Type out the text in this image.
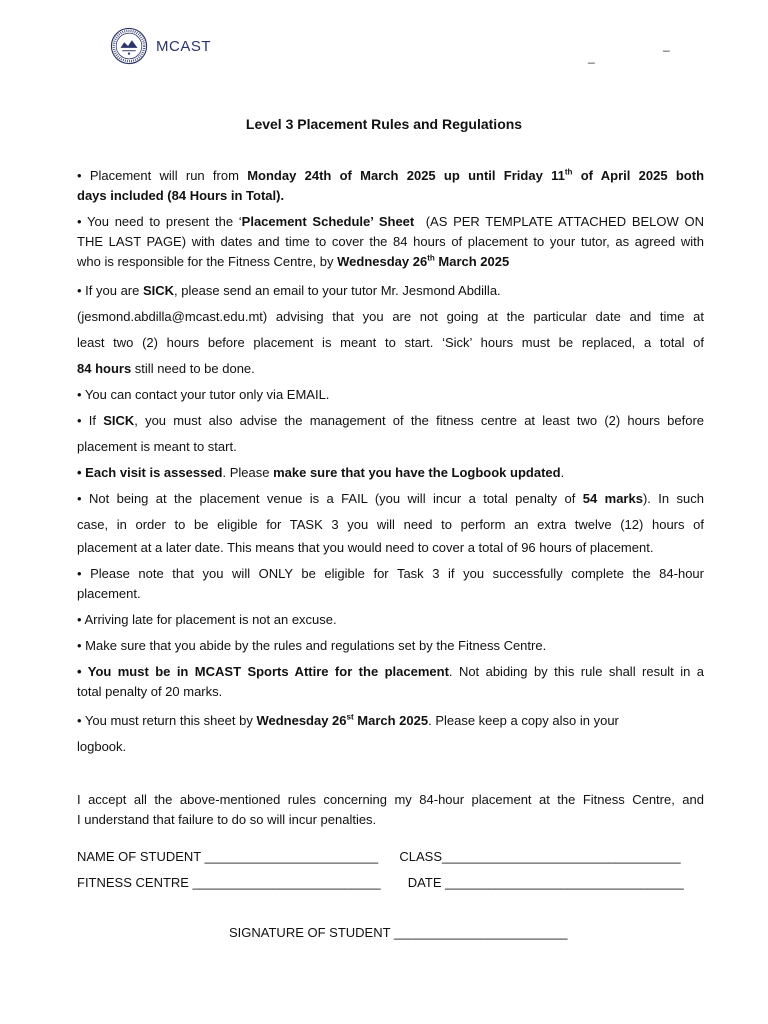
MCAST
_
_
Level 3 Placement Rules and Regulations

• Placement will run from Monday 24th of March 2025 up until Friday 11th of April 2025 both

days included (84 Hours in Total).

• You need to present the ‘Placement Schedule’ Sheet  (AS PER TEMPLATE ATTACHED BELOW ON

THE LAST PAGE) with dates and time to cover the 84 hours of placement to your tutor, as agreed with

who is responsible for the Fitness Centre, by Wednesday 26th March 2025

• If you are SICK, please send an email to your tutor Mr. Jesmond Abdilla.

(jesmond.abdilla@mcast.edu.mt) advising that you are not going at the particular date and time at

least two (2) hours before placement is meant to start. ‘Sick’ hours must be replaced, a total of

84 hours still need to be done.

• You can contact your tutor only via EMAIL.

• If SICK, you must also advise the management of the fitness centre at least two (2) hours before

placement is meant to start.

• Each visit is assessed. Please make sure that you have the Logbook updated.

• Not being at the placement venue is a FAIL (you will incur a total penalty of 54 marks). In such

case, in order to be eligible for TASK 3 you will need to perform an extra twelve (12) hours of

placement at a later date. This means that you would need to cover a total of 96 hours of placement.

• Please note that you will ONLY be eligible for Task 3 if you successfully complete the 84-hour

placement.

• Arriving late for placement is not an excuse.

• Make sure that you abide by the rules and regulations set by the Fitness Centre.

• You must be in MCAST Sports Attire for the placement. Not abiding by this rule shall result in a

total penalty of 20 marks.

• You must return this sheet by Wednesday 26st March 2025. Please keep a copy also in your

logbook.

I accept all the above-mentioned rules concerning my 84-hour placement at the Fitness Centre, and

I understand that failure to do so will incur penalties.

NAME OF STUDENT ________________________ CLASS_________________________________
FITNESS CENTRE __________________________ DATE _________________________________
SIGNATURE OF STUDENT ________________________
